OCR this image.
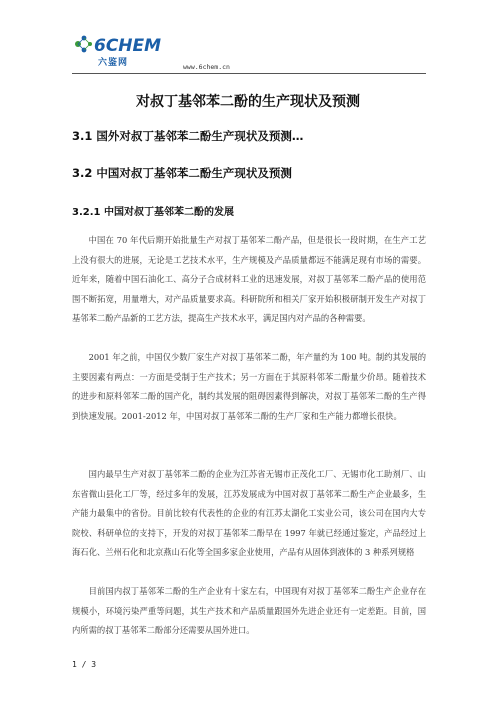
6CHEM
六鉴网	www.6chem.cn
对叔丁基邻苯二酚的生产现状及预测
3.1 国外对叔丁基邻苯二酚生产现状及预测…
3.2 中国对叔丁基邻苯二酚生产现状及预测
3.2.1 中国对叔丁基邻苯二酚的发展

中国在 70 年代后期开始批量生产对叔丁基邻苯二酚产品，但是很长一段时期，在生产工艺上没有很大的进展，无论是工艺技术水平，生产规模及产品质量都远不能满足现有市场的需要。近年来，随着中国石油化工、高分子合成材料工业的迅速发展，对叔丁基邻苯二酚产品的使用范围不断拓宽，用量增大，对产品质量要求高。科研院所和相关厂家开始积极研制开发生产对叔丁基邻苯二酚产品新的工艺方法，提高生产技术水平，满足国内对产品的各种需要。

2001 年之前，中国仅少数厂家生产对叔丁基邻苯二酚，年产量约为 100 吨。制约其发展的主要因素有两点：一方面是受制于生产技术；另一方面在于其原料邻苯二酚量少价昂。随着技术的进步和原料邻苯二酚的国产化，制约其发展的阻碍因素得到解决，对叔丁基邻苯二酚的生产得到快速发展。2001-2012 年，中国对叔丁基邻苯二酚的生产厂家和生产能力都增长很快。

国内最早生产对叔丁基邻苯二酚的企业为江苏省无锡市正茂化工厂、无锡市化工助剂厂、山东省微山县化工厂等，经过多年的发展，江苏发展成为中国对叔丁基邻苯二酚生产企业最多，生产能力最集中的省份。目前比较有代表性的企业的有江苏太湖化工实业公司，该公司在国内大专院校、科研单位的支持下，开发的对叔丁基邻苯二酚早在 1997 年就已经通过鉴定，产品经过上海石化、兰州石化和北京燕山石化等全国多家企业使用，产品有从固体到液体的 3 种系列规格

目前国内叔丁基邻苯二酚的生产企业有十家左右，中国现有对叔丁基邻苯二酚生产企业存在规模小，环境污染严重等问题，其生产技术和产品质量跟国外先进企业还有一定差距。目前，国内所需的叔丁基邻苯二酚部分还需要从国外进口。

1 / 3
